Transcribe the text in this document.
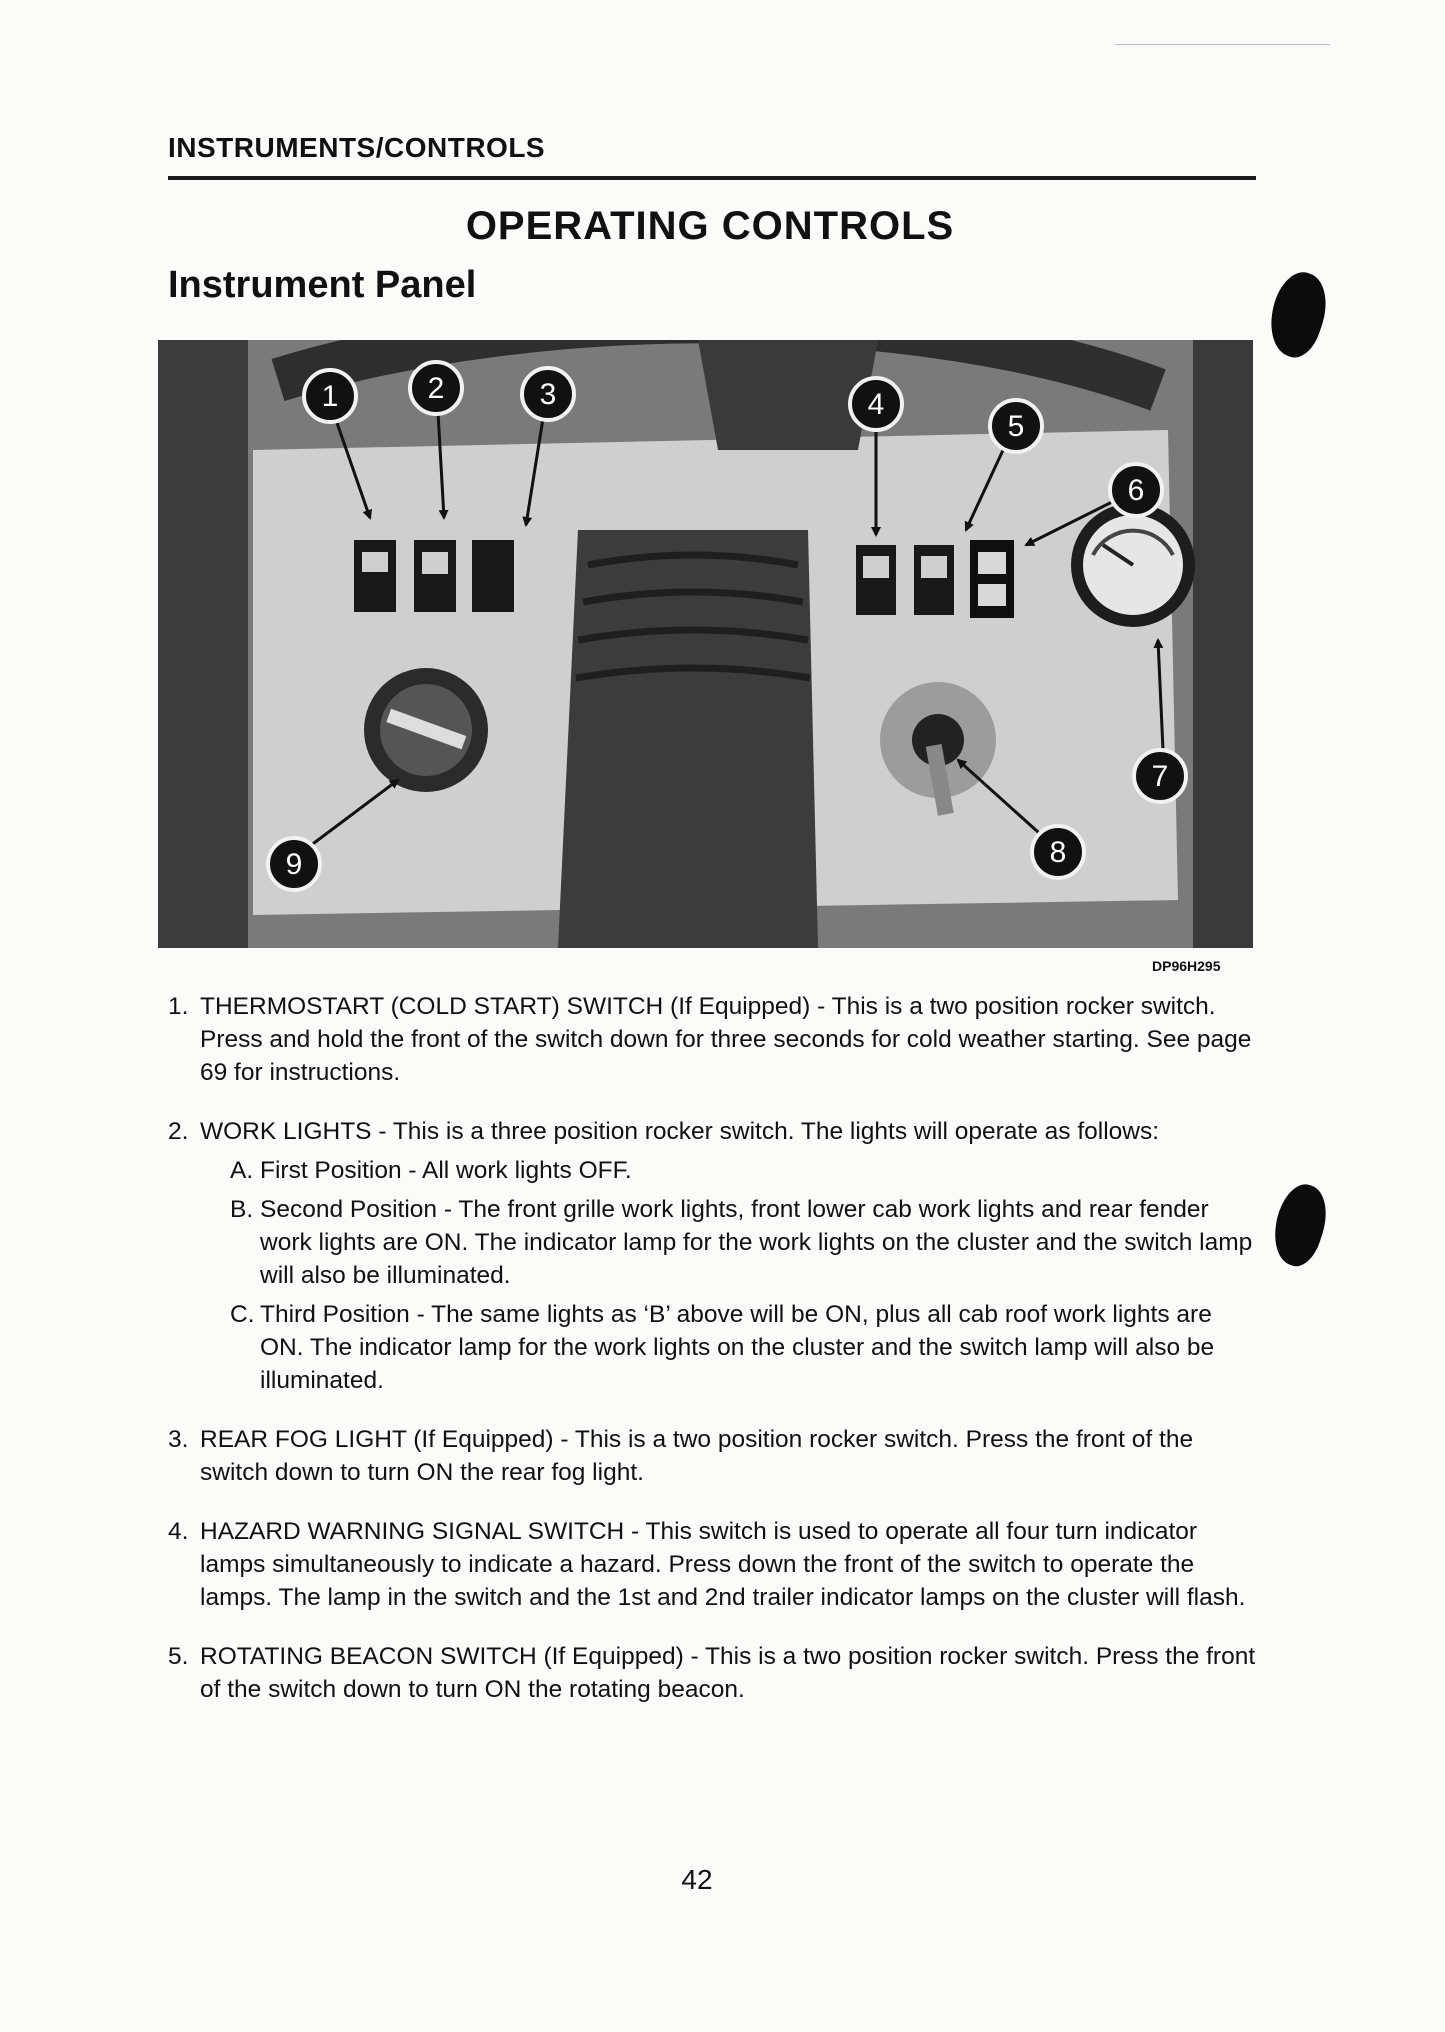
INSTRUMENTS/CONTROLS
OPERATING CONTROLS
Instrument Panel
1	2	3	4
5
6
7
8
9
DP96H295
1. THERMOSTART (COLD START) SWITCH (If Equipped) - This is a two position rocker switch. Press and hold the front of the switch down for three seconds for cold weather starting. See page 69 for instructions.
2. WORK LIGHTS - This is a three position rocker switch. The lights will operate as follows:
A. First Position - All work lights OFF.
B. Second Position - The front grille work lights, front lower cab work lights and rear fender work lights are ON. The indicator lamp for the work lights on the cluster and the switch lamp will also be illuminated.
C. Third Position - The same lights as ‘B’ above will be ON, plus all cab roof work lights are ON. The indicator lamp for the work lights on the cluster and the switch lamp will also be illuminated.
3. REAR FOG LIGHT (If Equipped) - This is a two position rocker switch. Press the front of the switch down to turn ON the rear fog light.
4. HAZARD WARNING SIGNAL SWITCH - This switch is used to operate all four turn indicator lamps simultaneously to indicate a hazard. Press down the front of the switch to operate the lamps. The lamp in the switch and the 1st and 2nd trailer indicator lamps on the cluster will flash.
5. ROTATING BEACON SWITCH (If Equipped) - This is a two position rocker switch. Press the front of the switch down to turn ON the rotating beacon.
42
